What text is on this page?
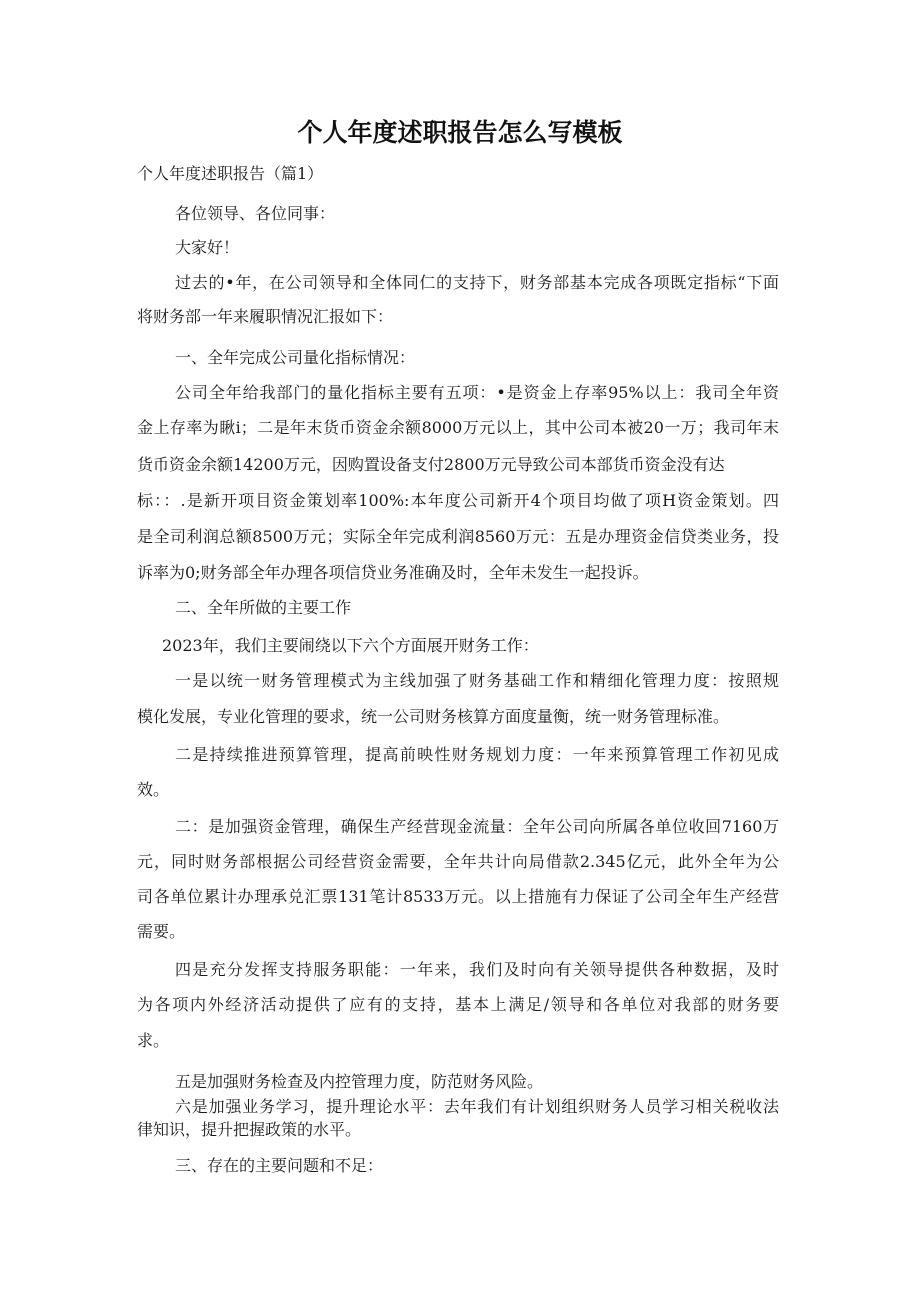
个人年度述职报告怎么写模板
个人年度述职报告（篇1）
各位领导、各位同事：
大家好！
过去的•年，在公司领导和全体同仁的支持下，财务部基本完成各项既定指标“下面
将财务部一年来履职情况汇报如下：
一、全年完成公司量化指标情况：
公司全年给我部门的量化指标主要有五项：•是资金上存率95%以上：我司全年资
金上存率为瞅i；二是年末货币资金余额8000万元以上，其中公司本被20一万；我司年末
货币资金余额14200万元，因购置设备支付2800万元导致公司本部货币资金没有达
标：：.是新开项目资金策划率100%:本年度公司新开4个项目均做了项H资金策划。四
是全司利润总额8500万元；实际全年完成利润8560万元：五是办理资金信贷类业务，投
诉率为0;财务部全年办理各项信贷业务准确及时，全年未发生一起投诉。
二、全年所做的主要工作
2023年，我们主要闹绕以下六个方面展开财务工作：
一是以统一财务管理模式为主线加强了财务基础工作和精细化管理力度：按照规
模化发展，专业化管理的要求，统一公司财务核算方面度量衡，统一财务管理标准。
二是持续推进预算管理，提高前映性财务规划力度：一年来预算管理工作初见成
效。
二：是加强资金管理，确保生产经营现金流量：全年公司向所属各单位收回7160万
元，同时财务部根据公司经营资金需要，全年共计向局借款2.345亿元，此外全年为公
司各单位累计办理承兑汇票131笔计8533万元。以上措施有力保证了公司全年生产经营
需要。
四是充分发挥支持服务职能：一年来，我们及时向有关领导提供各种数据，及时
为各项内外经济活动提供了应有的支持，基本上满足/领导和各单位对我部的财务要
求。
五是加强财务检查及内控管理力度，防范财务风险。
六是加强业务学习，提升理论水平：去年我们有计划组织财务人员学习相关税收法
律知识，提升把握政策的水平。
三、存在的主要问题和不足：
